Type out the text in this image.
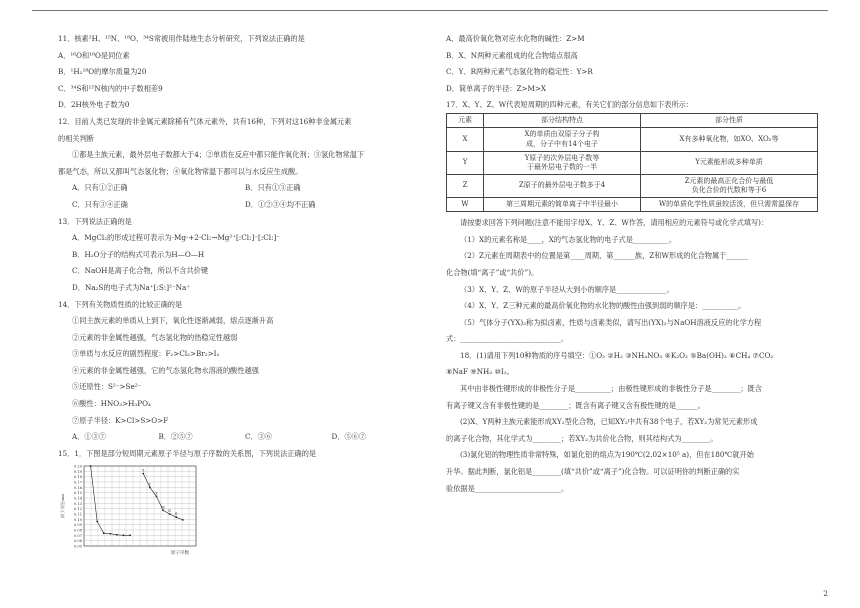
11．核素²H、¹⁵N、¹⁸O、³⁴S常被用作陆地生态分析研究，下列说法正确的是

A．¹⁶O和¹⁸O是同位素

B．¹H₂¹⁸O的摩尔质量为20

C．³⁴S和¹⁵N核内的中子数相差9

D．2H核外电子数为0

12．目前人类已发现的非金属元素除稀有气体元素外，共有16种，下列对这16种非金属元素

的相关判断

①都是主族元素，最外层电子数都大于4；②单质在反应中都只能作氧化剂；③氢化物常温下

都是气态，所以又都叫气态氢化物；④氧化物常温下都可以与水反应生成酸。

A．只有①②正确	B．只有①③正确
C．只有③④正确	D．①②③④均不正确

13．下列说法正确的是

A．MgCl₂的形成过程可表示为·Mg·+2·Cl:→Mg²⁺[:Cl:]⁻[:Cl:]⁻

B．H₂O分子的结构式可表示为H—O—H

C．NaOH是离子化合物，所以不含共价键

D．Na₂S的电子式为Na⁺[:S:]²⁻Na⁺

14．下列有关物质性质的比较正确的是

①同主族元素的单质从上到下，氧化性逐渐减弱，熔点逐渐升高

②元素的非金属性越强，气态氢化物的热稳定性越弱

③单质与水反应的剧烈程度：F₂>Cl₂>Br₂>I₂

④元素的非金属性越强，它的气态氢化物水溶液的酸性越强

⑤还原性：S²⁻>Se²⁻

⑥酸性：HNO₃>H₃PO₄

⑦原子半径：K>Cl>S>O>F

A．①③⑦	B．②⑤⑦	C．③⑥	D．⑤⑥⑦

15．1．下图是部分短周期元素原子半径与原子序数的关系图，下列说法正确的是

0.20
0.19
0.18
0.17
0.16
0.15
0.14
0.13
0.12
0.11
0.10
0.09
0.08
0.07
0.06
0.05
原子半径/nm
原子序数
X
Y
Z
M
N
R

A．最高价氧化物对应水化物的碱性：Z>M

B．X、N两种元素组成的化合物熔点很高

C．Y、R两种元素气态氢化物的稳定性：Y>R

D．简单离子的半径：Z>M>X

17．X、Y、Z、W代表短周期的四种元素，有关它们的部分信息如下表所示：

元素	部分结构特点	部分性质
X	X的单质由双原子分子构
成，分子中有14个电子	X有多种氧化物，如XO、XO₂等
Y	Y原子的次外层电子数等
于最外层电子数的一半	Y元素能形成多种单质
Z	Z原子的最外层电子数多于4	Z元素的最高正化合价与最低
负化合价的代数和等于6

W	第三周期元素的简单离子中半径最小	W的单质化学性质虽较活泼，但只需常温保存

请按要求回答下列问题(注意不能用字母X、Y、Z、W作答，请用相应的元素符号或化学式填写)：

（1）X的元素名称是____，X的气态氢化物的电子式是__________。

（2）Z元素在周期表中的位置是第____周期，第______族，Z和W形成的化合物属于______

化合物(填“离子”或“共价”)。

（3）X、Y、Z、W的原子半径从大到小的顺序是______________。

（4）X、Y、Z三种元素的最高价氧化物的水化物的酸性由强到弱的顺序是：__________。

（5）气体分子(YX)₂称为拟卤素，性质与卤素类似，请写出(YX)₂与NaOH溶液反应的化学方程

式：____________________________。

18．(1)请用下列10种物质的序号填空：①O₂ ②H₂ ③NH₄NO₃ ④K₂O₂ ⑤Ba(OH)₂ ⑥CH₄ ⑦CO₂

⑧NaF ⑨NH₃ ⑩I₂。

其中由非极性键形成的非极性分子是__________；由极性键形成的非极性分子是________；既含

有离子键又含有非极性键的是________；既含有离子键又含有极性键的是______。

(2)X、Y两种主族元素能形成XY₂型化合物，已知XY₂中共有38个电子，若XY₂为常见元素形成

的离子化合物，其化学式为________；若XY₂为共价化合物，则其结构式为________。

(3)氯化铝的物理性质非常特殊，如氯化铝的熔点为190℃(2.02×10⁵ a)，但在180℃就开始

升华。据此判断，氯化铝是________(填“共价”或“离子”)化合物。可以证明你的判断正确的实

验依据是________________________。

2
